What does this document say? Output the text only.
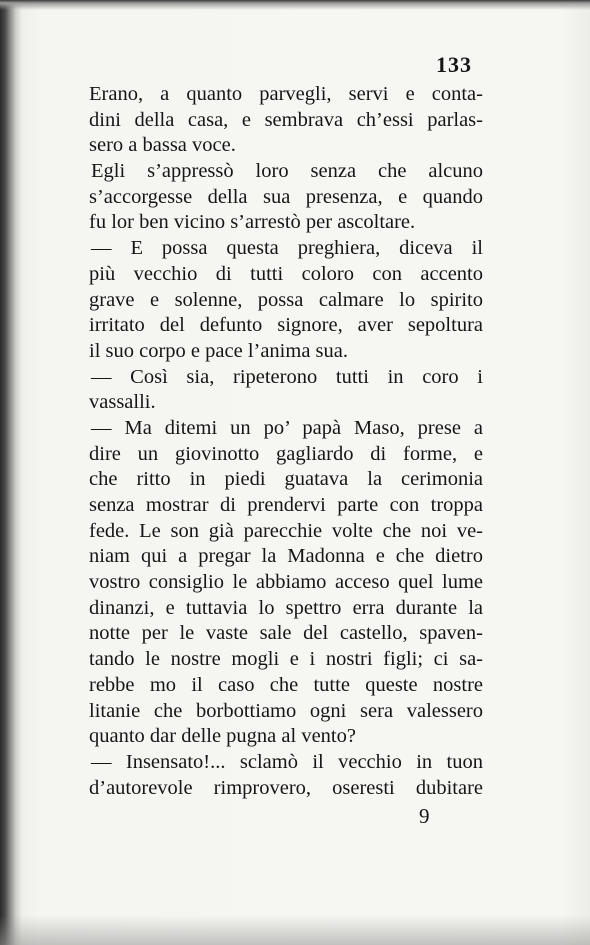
133
Erano, a quanto parvegli, servi e conta-
dini della casa, e sembrava ch’essi parlas-
sero a bassa voce.
Egli s’appressò loro senza che alcuno
s’accorgesse della sua presenza, e quando
fu lor ben vicino s’arrestò per ascoltare.
— E possa questa preghiera, diceva il
più vecchio di tutti coloro con accento
grave e solenne, possa calmare lo spirito
irritato del defunto signore, aver sepoltura
il suo corpo e pace l’anima sua.
— Così sia, ripeterono tutti in coro i
vassalli.
— Ma ditemi un po’ papà Maso, prese a
dire un giovinotto gagliardo di forme, e
che ritto in piedi guatava la cerimonia
senza mostrar di prendervi parte con troppa
fede. Le son già parecchie volte che noi ve-
niam qui a pregar la Madonna e che dietro
vostro consiglio le abbiamo acceso quel lume
dinanzi, e tuttavia lo spettro erra durante la
notte per le vaste sale del castello, spaven-
tando le nostre mogli e i nostri figli; ci sa-
rebbe mo il caso che tutte queste nostre
litanie che borbottiamo ogni sera valessero
quanto dar delle pugna al vento?
— Insensato!... sclamò il vecchio in tuon
d’autorevole rimprovero, oseresti dubitare
9
